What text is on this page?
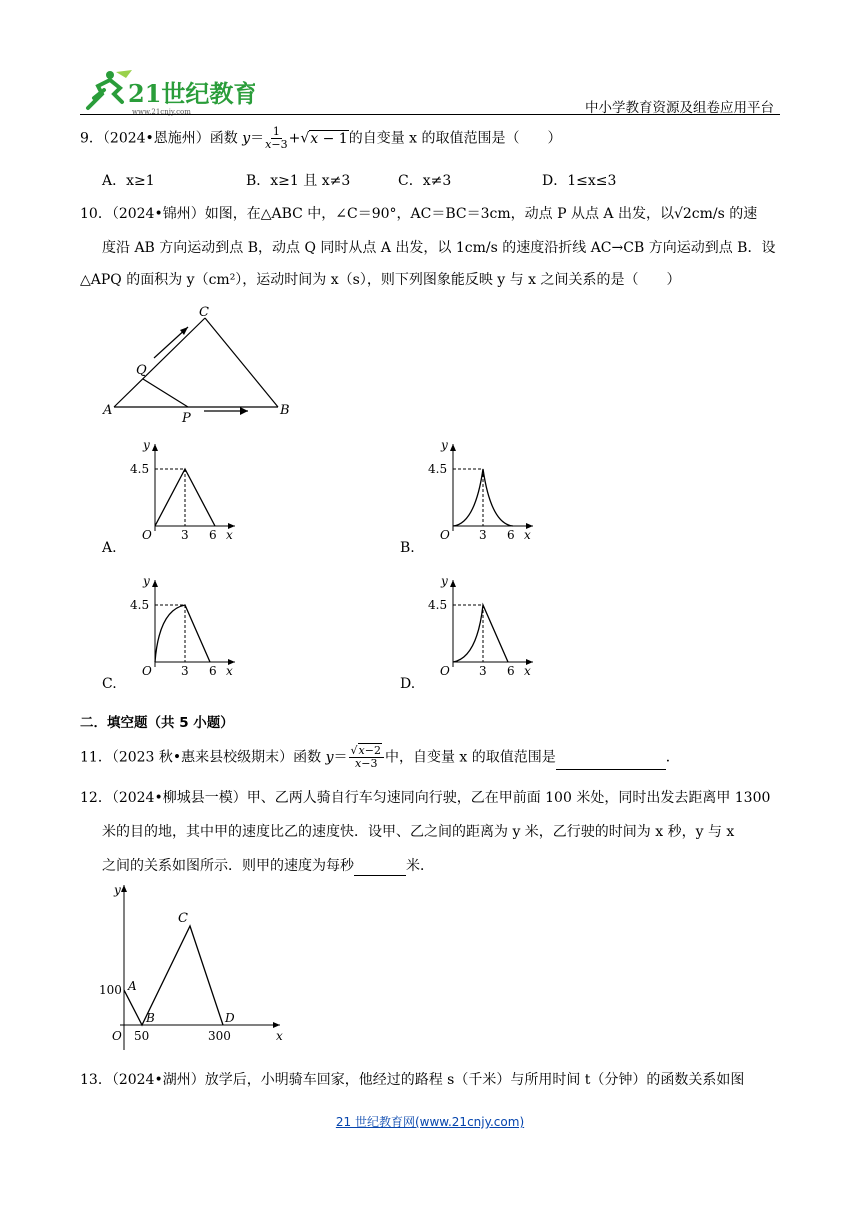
21世纪教育
www.21cnjy.com	中小学教育资源及组卷应用平台
9．（2024•恩施州）函数 $y= \frac{1}{x-3} +√x - 1$的自变量 x 的取值范围是（　　）
A．x≥1	B．x≥1 且 x≠3	C．x≠3	D．1≤x≤3
10．（2024•锦州）如图，在△ABC 中，∠C＝90°，AC＝BC＝3cm，动点 P 从点 A 出发，以√2cm/s 的速
度沿 AB 方向运动到点 B，动点 Q 同时从点 A 出发，以 1cm/s 的速度沿折线 AC→CB 方向运动到点 B．设
△APQ 的面积为 y（cm²），运动时间为 x（s），则下列图象能反映 y 与 x 之间关系的是（　　）
A	B
C
P
Q
y
4.5
O 3 6 x
A.
y
4.5
O 3 6 x
B.
y
4.5
O 3 6 x
C.
y
4.5
O 3 6 x
D.
二．填空题（共 5 小题）
11．（2023 秋•惠来县校级期末）函数 $y= \frac{√x-2}{x-3}$ 中，自变量 x 的取值范围是	．
12．（2024•柳城县一模）甲、乙两人骑自行车匀速同向行驶，乙在甲前面 100 米处，同时出发去距离甲 1300
米的目的地，其中甲的速度比乙的速度快．设甲、乙之间的距离为 y 米，乙行驶的时间为 x 秒，y 与 x
之间的关系如图所示．则甲的速度为每秒	米．
y
x
O
100 A
B
50
C
D
300
13．（2024•湖州）放学后，小明骑车回家，他经过的路程 s（千米）与所用时间 t（分钟）的函数关系如图
21 世纪教育网(www.21cnjy.com)
